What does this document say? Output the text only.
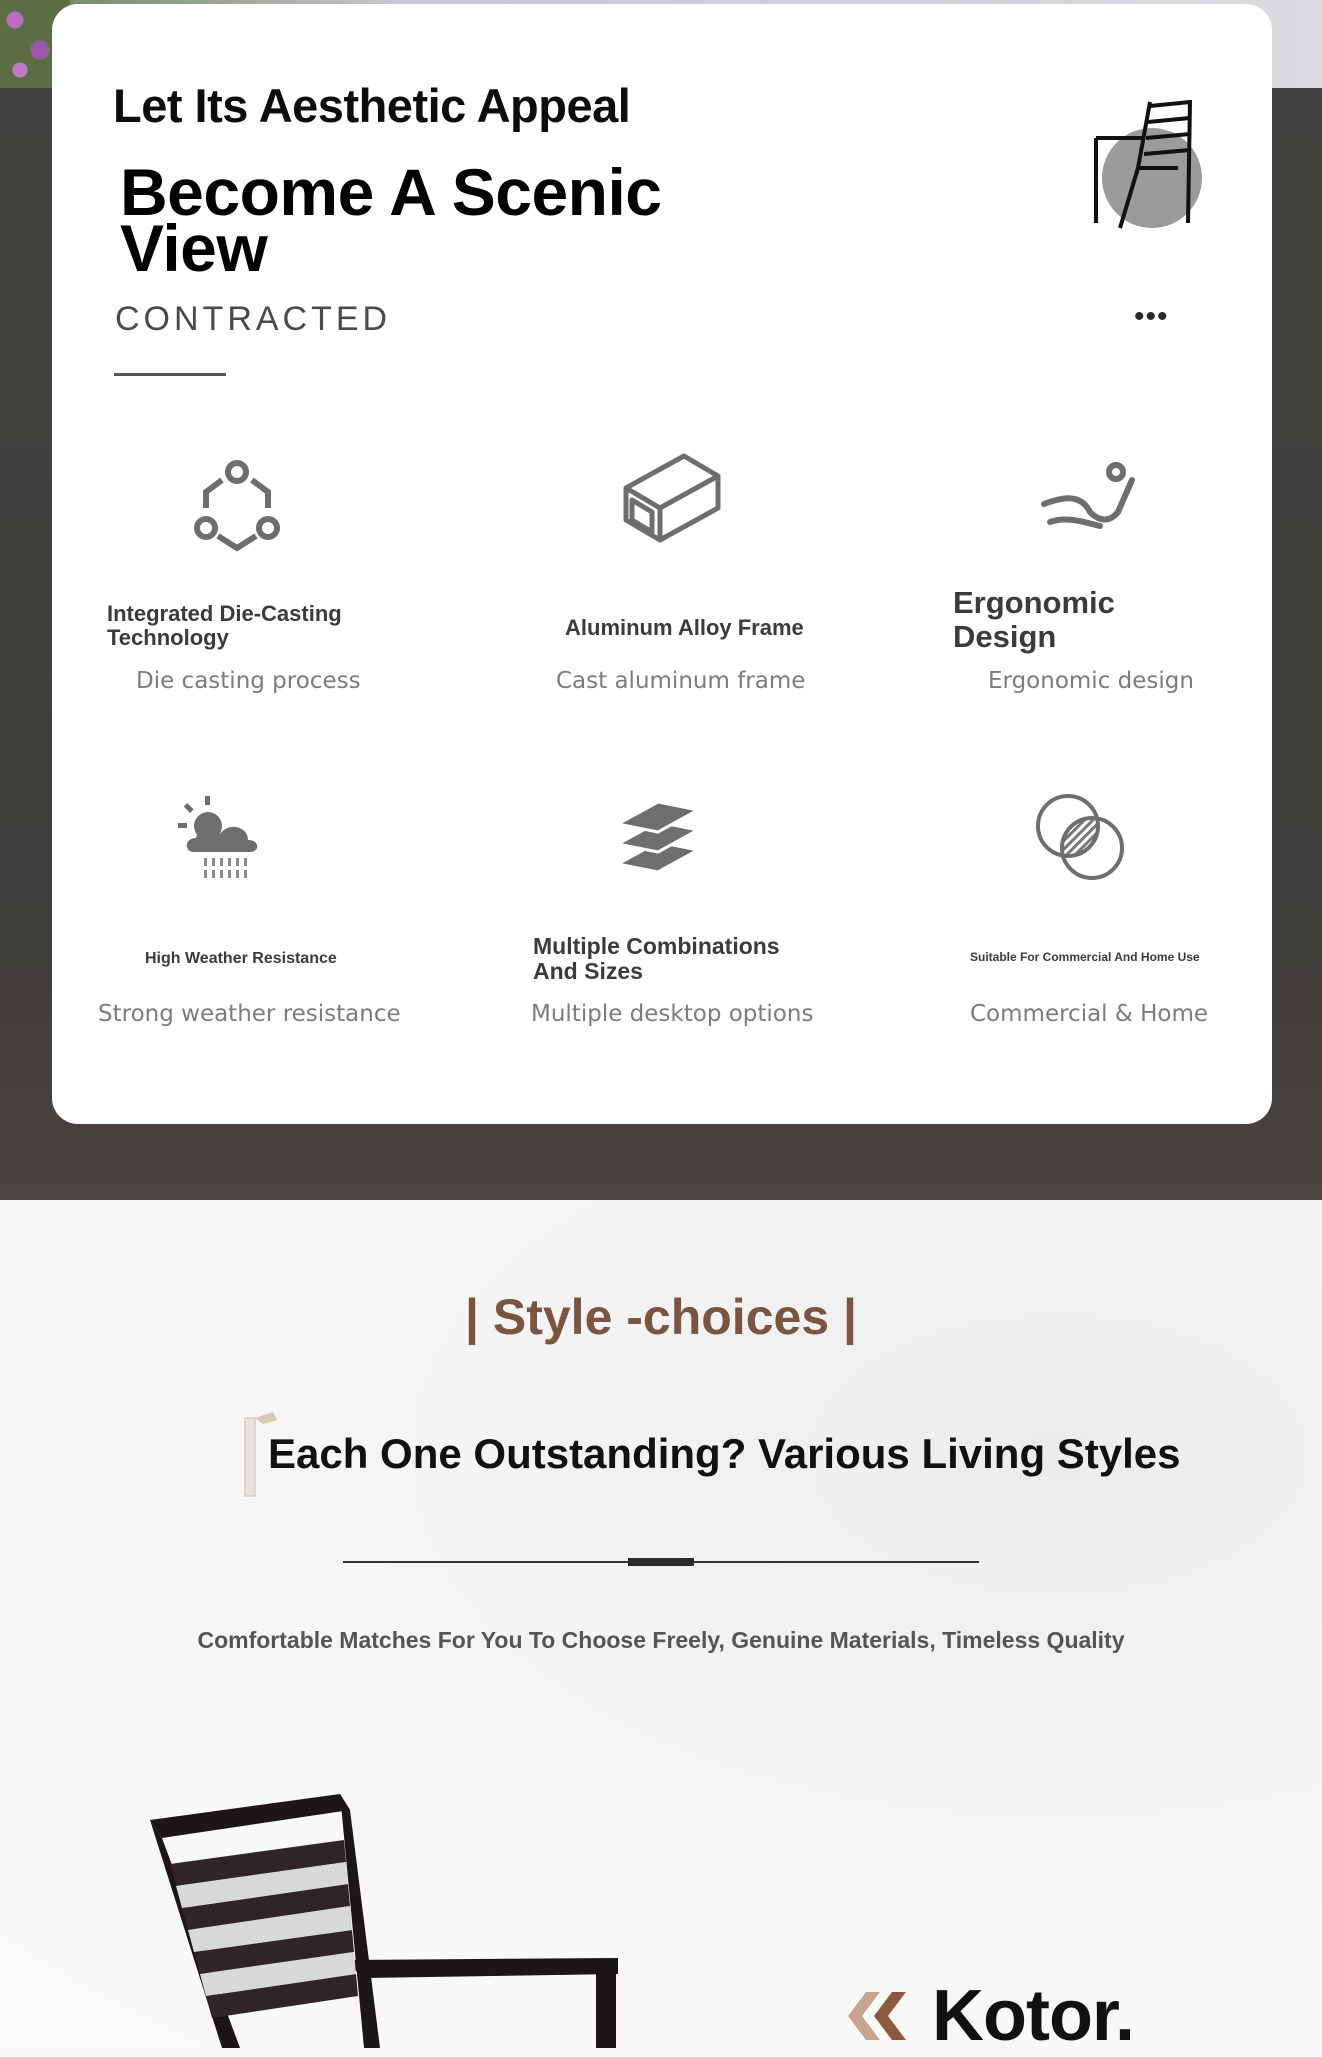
Let Its Aesthetic Appeal
Become A Scenic View
CONTRACTED	•••
Integrated Die-Casting Technology
Die casting process
Aluminum Alloy Frame
Cast aluminum frame
Ergonomic Design
Ergonomic design
High Weather Resistance
Strong weather resistance
Multiple Combinations And Sizes
Multiple desktop options
Suitable For Commercial And Home Use
Commercial & Home
| Style -choices |
Each One Outstanding? Various Living Styles
Comfortable Matches For You To Choose Freely, Genuine Materials, Timeless Quality
Kotor.
